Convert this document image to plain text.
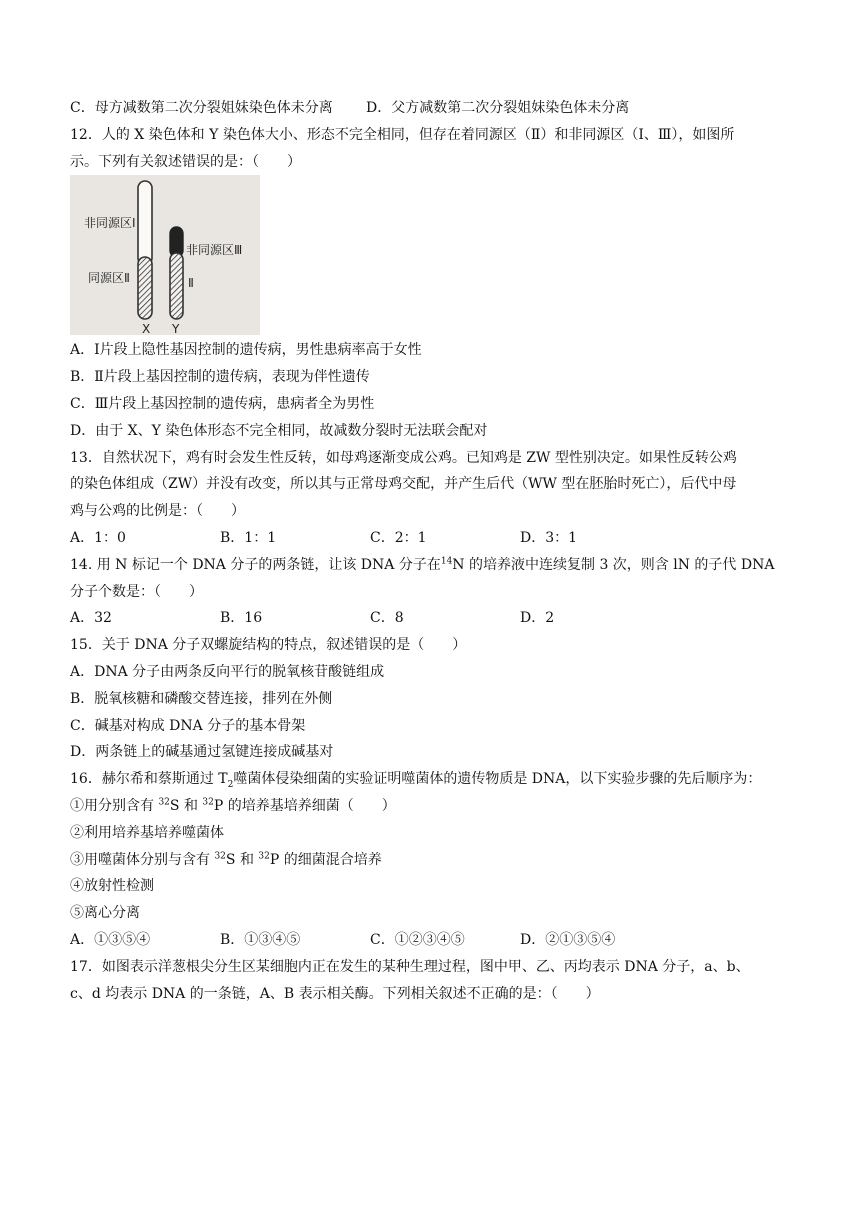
C．母方减数第二次分裂姐妹染色体未分离	D．父方减数第二次分裂姐妹染色体未分离
12．人的 X 染色体和 Y 染色体大小、形态不完全相同，但存在着同源区（Ⅱ）和非同源区（Ⅰ、Ⅲ），如图所
示。下列有关叙述错误的是：（　　）
非同源区Ⅰ
同源区Ⅱ
非同源区Ⅲ
Ⅱ
X Y
A．Ⅰ片段上隐性基因控制的遗传病，男性患病率高于女性
B．Ⅱ片段上基因控制的遗传病，表现为伴性遗传
C．Ⅲ片段上基因控制的遗传病，患病者全为男性
D．由于 X、Y 染色体形态不完全相同，故减数分裂时无法联会配对
13．自然状况下，鸡有时会发生性反转，如母鸡逐渐变成公鸡。已知鸡是 ZW 型性别决定。如果性反转公鸡
的染色体组成（ZW）并没有改变，所以其与正常母鸡交配，并产生后代（WW 型在胚胎时死亡），后代中母
鸡与公鸡的比例是：（　　）
A．1：0	B．1：1	C．2：1	D．3：1
14. 用 N 标记一个 DNA 分子的两条链，让该 DNA 分子在$^{14}$N 的培养液中连续复制 3 次，则含 lN 的子代 DNA
分子个数是：（　　）
A．32	B．16	C．8	D．2
15．关于 DNA 分子双螺旋结构的特点，叙述错误的是（　　）
A．DNA 分子由两条反向平行的脱氧核苷酸链组成
B．脱氧核糖和磷酸交替连接，排列在外侧
C．碱基对构成 DNA 分子的基本骨架
D．两条链上的碱基通过氢键连接成碱基对
16．赫尔希和蔡斯通过 $T_2$噬菌体侵染细菌的实验证明噬菌体的遗传物质是 DNA，以下实验步骤的先后顺序为：
①用分别含有 $^{32}$S 和 $^{32}$P 的培养基培养细菌（　　）
②利用培养基培养噬菌体
③用噬菌体分别与含有 $^{32}$S 和 $^{32}$P 的细菌混合培养
④放射性检测
⑤离心分离
A．①③⑤④	B．①③④⑤	C．①②③④⑤	D．②①③⑤④
17．如图表示洋葱根尖分生区某细胞内正在发生的某种生理过程，图中甲、乙、丙均表示 DNA 分子，a、b、
c、d 均表示 DNA 的一条链，A、B 表示相关酶。下列相关叙述不正确的是：（　　）
